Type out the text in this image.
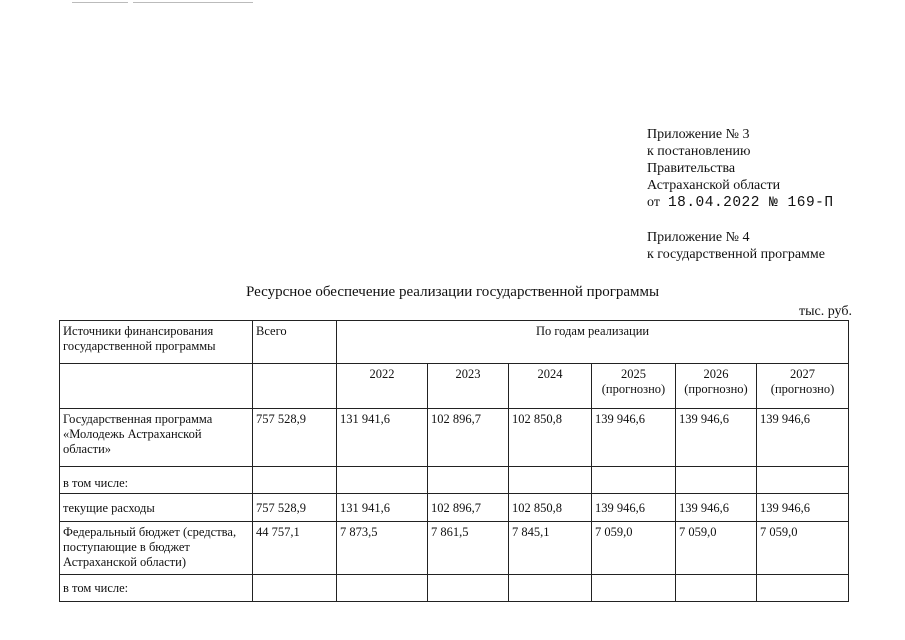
Приложение № 3
к постановлению
Правительства
Астраханской области
от 18.04.2022 № 169-П
Приложение № 4
к государственной программе
Ресурсное обеспечение реализации государственной программы
тыс. руб.
Источники финансирования государственной программы	Всего	По годам реализации					
		2022	2023	2024	2025 (прогнозно)	2026 (прогнозно)	2027 (прогнозно)
Государственная программа «Молодежь Астраханской области»	757 528,9	131 941,6	102 896,7	102 850,8	139 946,6	139 946,6	139 946,6
в том числе:							
текущие расходы	757 528,9	131 941,6	102 896,7	102 850,8	139 946,6	139 946,6	139 946,6
Федеральный бюджет (средства, поступающие в бюджет Астраханской области)	44 757,1	7 873,5	7 861,5	7 845,1	7 059,0	7 059,0	7 059,0
в том числе:							
